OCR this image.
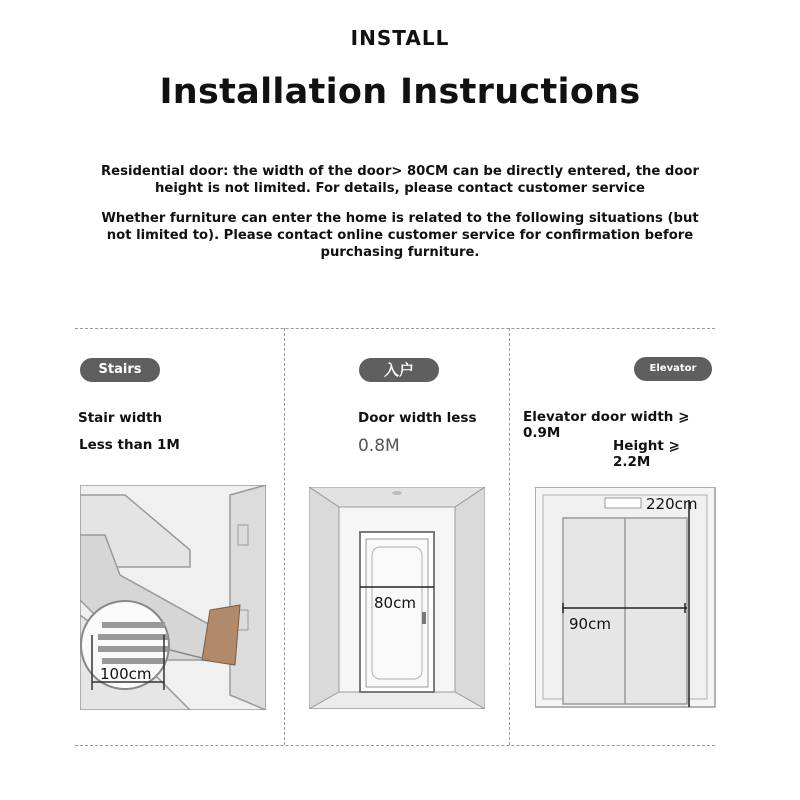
INSTALL
Installation Instructions
Residential door: the width of the door> 80CM can be directly entered, the door height is not limited. For details, please contact customer service
Whether furniture can enter the home is related to the following situations (but not limited to). Please contact online customer service for confirmation before purchasing furniture.
Stairs
Stair width
Less than 1M
100cm
入户
Door width less
0.8M
80cm
Elevator
Elevator door width ⩾ 0.9M
Height ⩾ 2.2M
220cm
90cm
